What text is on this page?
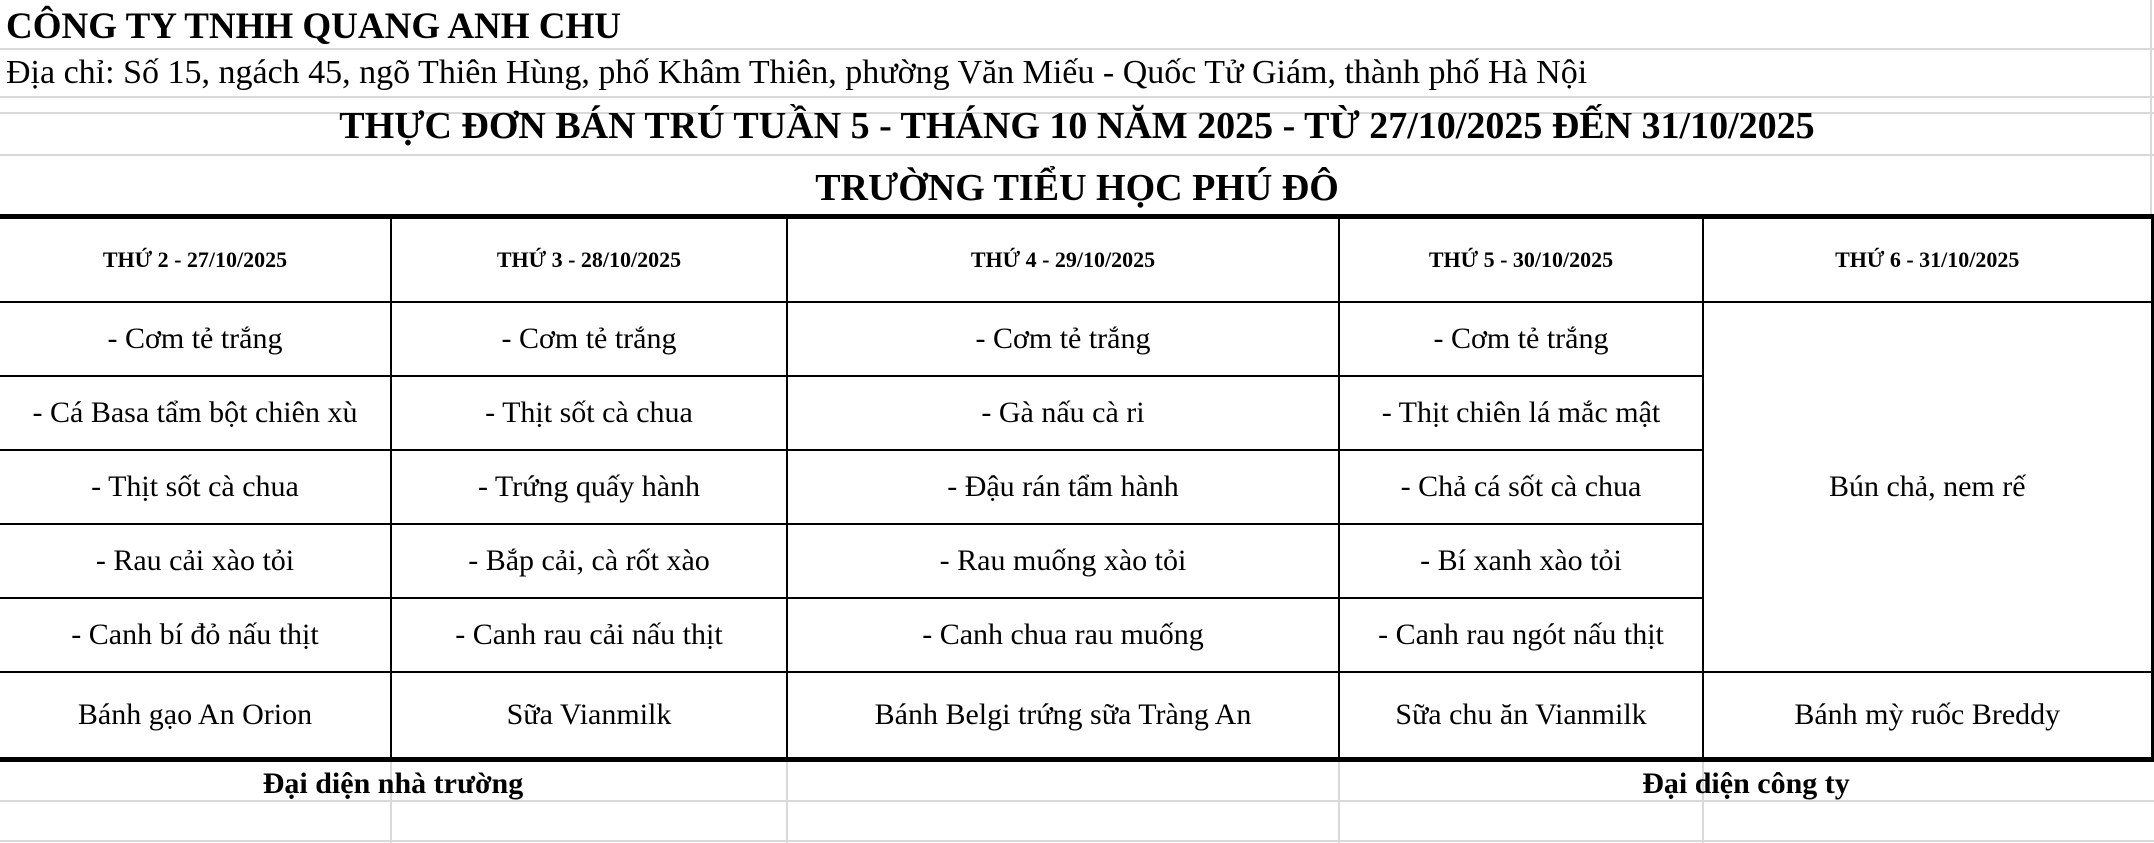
CÔNG TY TNHH QUANG ANH CHU
Địa chỉ: Số 15, ngách 45, ngõ Thiên Hùng, phố Khâm Thiên, phường Văn Miếu - Quốc Tử Giám, thành phố Hà Nội
THỰC ĐƠN BÁN TRÚ TUẦN 5 - THÁNG 10 NĂM 2025 - TỪ 27/10/2025 ĐẾN 31/10/2025
TRƯỜNG TIỂU HỌC PHÚ ĐÔ
THỨ 2 - 27/10/2025	THỨ 3 - 28/10/2025	THỨ 4 - 29/10/2025	THỨ 5 - 30/10/2025	THỨ 6 - 31/10/2025
- Cơm tẻ trắng	- Cơm tẻ trắng	- Cơm tẻ trắng	- Cơm tẻ trắng	Bún chả, nem rế
- Cá Basa tẩm bột chiên xù	- Thịt sốt cà chua	- Gà nấu cà ri	- Thịt chiên lá mắc mật	
- Thịt sốt cà chua	- Trứng quấy hành	- Đậu rán tẩm hành	- Chả cá sốt cà chua	
- Rau cải xào tỏi	- Bắp cải, cà rốt xào	- Rau muống xào tỏi	- Bí xanh xào tỏi	
- Canh bí đỏ nấu thịt	- Canh rau cải nấu thịt	- Canh chua rau muống	- Canh rau ngót nấu thịt	
Bánh gạo An Orion	Sữa Vianmilk	Bánh Belgi trứng sữa Tràng An	Sữa chu ăn Vianmilk	Bánh mỳ ruốc Breddy
Đại diện nhà trường	Đại diện công ty
